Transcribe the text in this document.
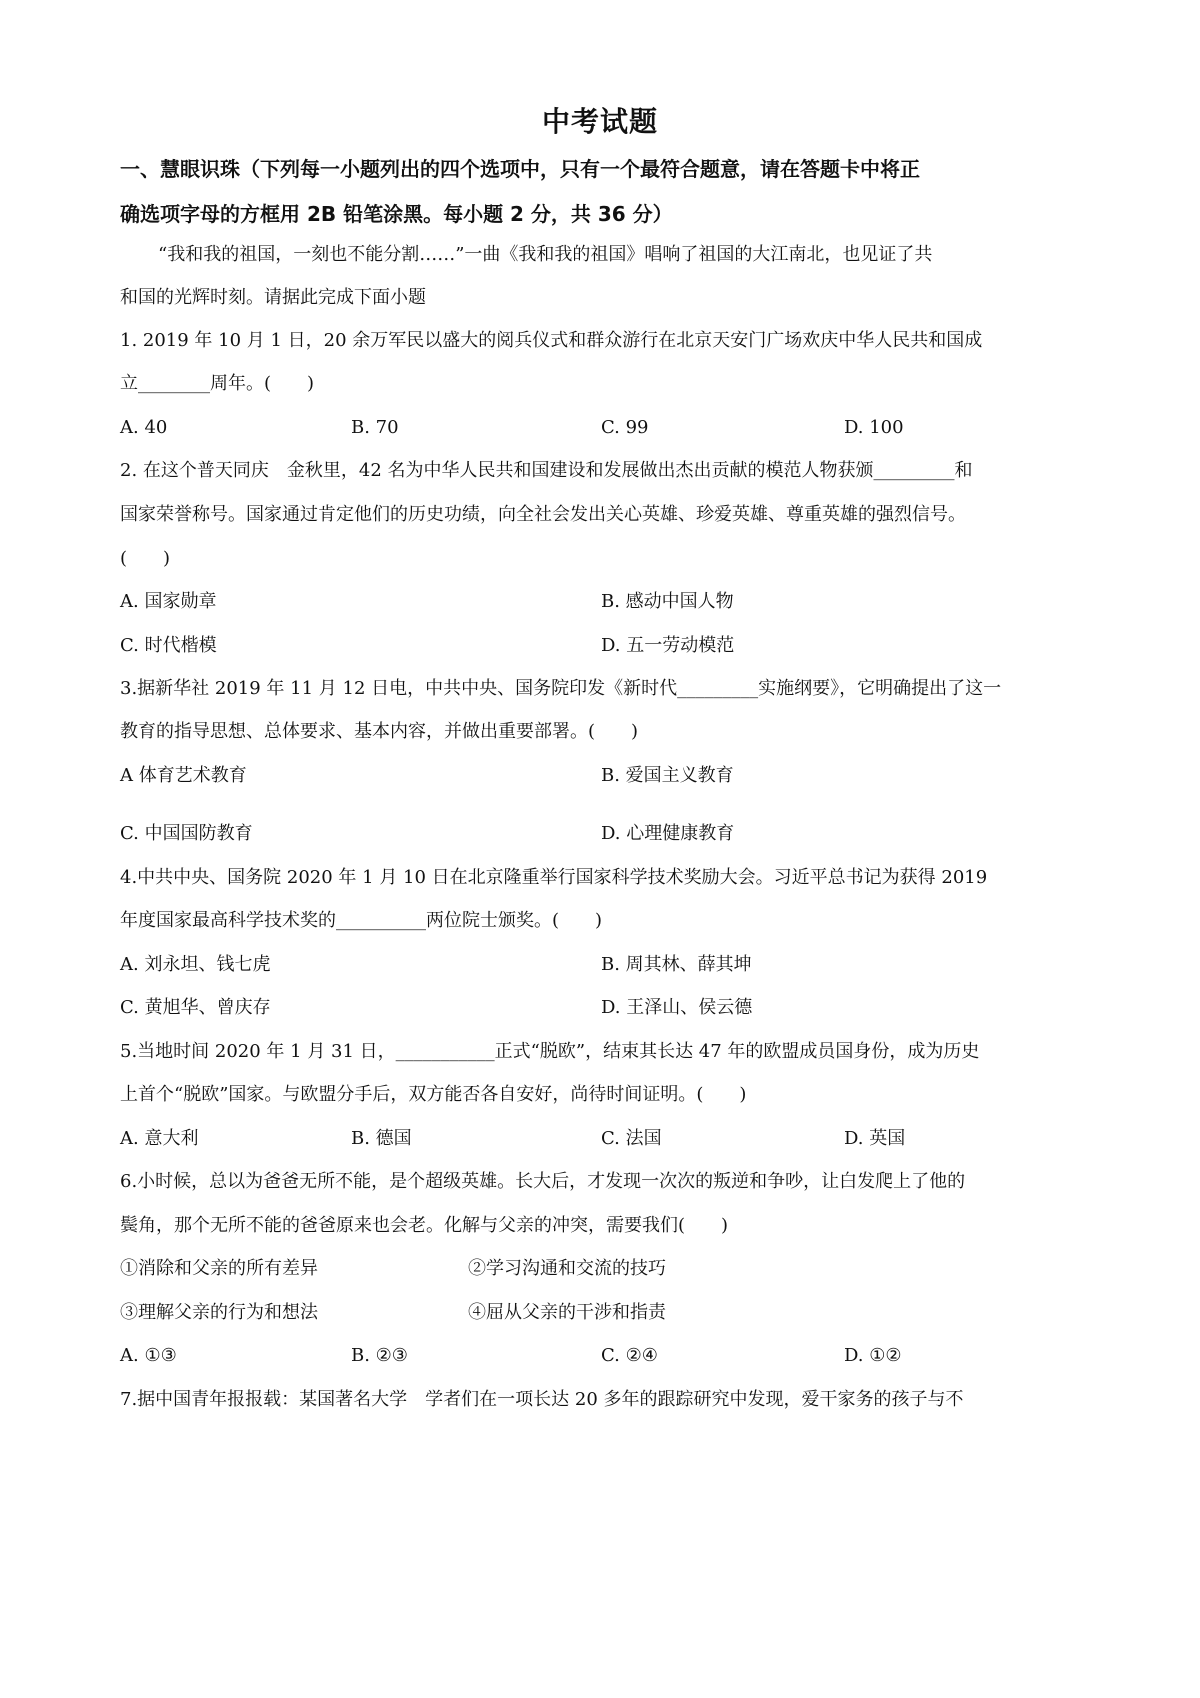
中考试题
一、慧眼识珠（下列每一小题列出的四个选项中，只有一个最符合题意，请在答题卡中将正
确选项字母的方框用 2B 铅笔涂黑。每小题 2 分，共 36 分）
“我和我的祖国，一刻也不能分割……”一曲《我和我的祖国》唱响了祖国的大江南北，也见证了共
和国的光辉时刻。请据此完成下面小题
1. 2019 年 10 月 1 日，20 余万军民以盛大的阅兵仪式和群众游行在北京天安门广场欢庆中华人民共和国成
立________周年。(　　)
A. 40	B. 70	C. 99	D. 100
2. 在这个普天同庆　金秋里，42 名为中华人民共和国建设和发展做出杰出贡献的模范人物获颁_________和
国家荣誉称号。国家通过肯定他们的历史功绩，向全社会发出关心英雄、珍爱英雄、尊重英雄的强烈信号。
(　　)
A. 国家勋章	B. 感动中国人物
C. 时代楷模	D. 五一劳动模范
3.据新华社 2019 年 11 月 12 日电，中共中央、国务院印发《新时代_________实施纲要》，它明确提出了这一
教育的指导思想、总体要求、基本内容，并做出重要部署。(　　)
A 体育艺术教育	B. 爱国主义教育
C. 中国国防教育	D. 心理健康教育
4.中共中央、国务院 2020 年 1 月 10 日在北京隆重举行国家科学技术奖励大会。习近平总书记为获得 2019
年度国家最高科学技术奖的__________两位院士颁奖。(　　)
A. 刘永坦、钱七虎	B. 周其林、薛其坤
C. 黄旭华、曾庆存	D. 王泽山、侯云德
5.当地时间 2020 年 1 月 31 日，___________正式“脱欧”，结束其长达 47 年的欧盟成员国身份，成为历史
上首个“脱欧”国家。与欧盟分手后，双方能否各自安好，尚待时间证明。(　　)
A. 意大利	B. 德国	C. 法国	D. 英国
6.小时候，总以为爸爸无所不能，是个超级英雄。长大后，才发现一次次的叛逆和争吵，让白发爬上了他的
鬓角，那个无所不能的爸爸原来也会老。化解与父亲的冲突，需要我们(　　)
①消除和父亲的所有差异	②学习沟通和交流的技巧
③理解父亲的行为和想法	④屈从父亲的干涉和指责
A. ①③	B. ②③	C. ②④	D. ①②
7.据中国青年报报载：某国著名大学　学者们在一项长达 20 多年的跟踪研究中发现，爱干家务的孩子与不
